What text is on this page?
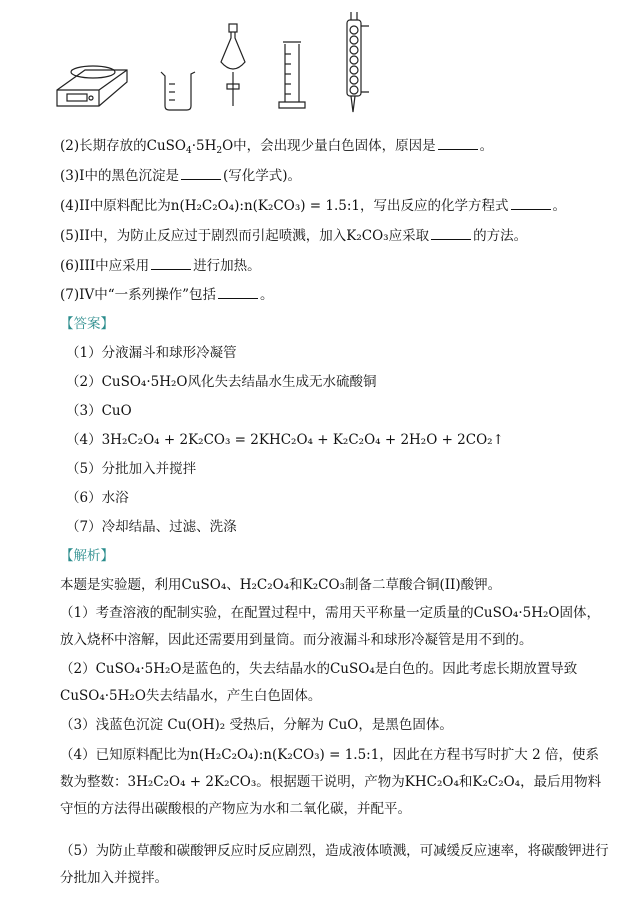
(2)长期存放的$CuSO_4\cdot 5H_2O$中，会出现少量白色固体，原因是	。
(3)I中的黑色沉淀是	(写化学式)。
(4)II中原料配比为n(H₂C₂O₄):n(K₂CO₃) = 1.5:1，写出反应的化学方程式	。
(5)II中，为防止反应过于剧烈而引起喷溅，加入K₂CO₃应采取	的方法。
(6)III中应采用	进行加热。
(7)IV中“一系列操作”包括	。
【答案】
（1）分液漏斗和球形冷凝管
（2）CuSO₄·5H₂O风化失去结晶水生成无水硫酸铜
（3）CuO
（4）3H₂C₂O₄ + 2K₂CO₃ = 2KHC₂O₄ + K₂C₂O₄ + 2H₂O + 2CO₂↑
（5）分批加入并搅拌
（6）水浴
（7）冷却结晶、过滤、洗涤
【解析】
本题是实验题，利用CuSO₄、H₂C₂O₄和K₂CO₃制备二草酸合铜(II)酸钾。
（1）考查溶液的配制实验，在配置过程中，需用天平称量一定质量的CuSO₄·5H₂O固体，放入烧杯中溶解，因此还需要用到量筒。而分液漏斗和球形冷凝管是用不到的。
（2）CuSO₄·5H₂O是蓝色的，失去结晶水的CuSO₄是白色的。因此考虑长期放置导致CuSO₄·5H₂O失去结晶水，产生白色固体。
（3）浅蓝色沉淀 Cu(OH)₂ 受热后，分解为 CuO，是黑色固体。
（4）已知原料配比为n(H₂C₂O₄):n(K₂CO₃) = 1.5:1，因此在方程书写时扩大 2 倍，使系数为整数：3H₂C₂O₄ + 2K₂CO₃。根据题干说明，产物为KHC₂O₄和K₂C₂O₄，最后用物料守恒的方法得出碳酸根的产物应为水和二氧化碳，并配平。
（5）为防止草酸和碳酸钾反应时反应剧烈，造成液体喷溅，可减缓反应速率，将碳酸钾进行分批加入并搅拌。
